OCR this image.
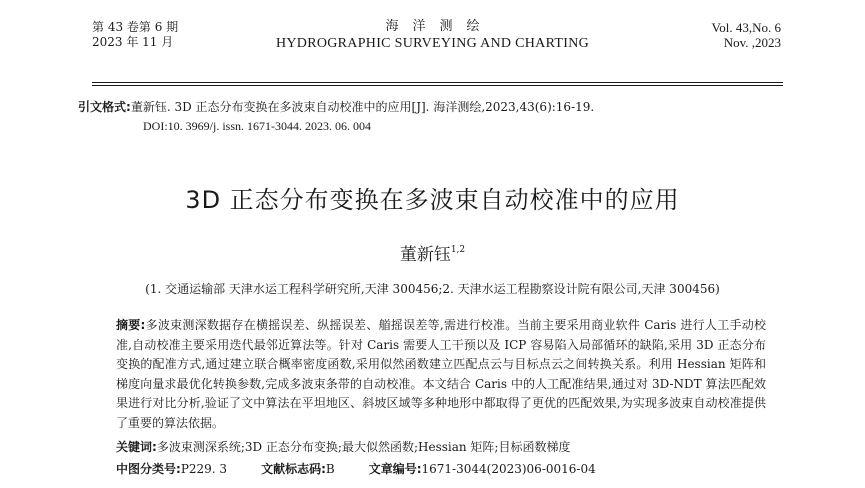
第 43 卷第 6 期
2023 年 11 月
海洋测绘
HYDROGRAPHIC SURVEYING AND CHARTING
Vol. 43,No. 6
Nov. ,2023
引文格式:董新钰. 3D 正态分布变换在多波束自动校准中的应用[J]. 海洋测绘,2023,43(6):16-19.
DOI:10. 3969/j. issn. 1671-3044. 2023. 06. 004
3D 正态分布变换在多波束自动校准中的应用
董新钰$^{1,2}$
(1. 交通运输部 天津水运工程科学研究所,天津 300456;2. 天津水运工程勘察设计院有限公司,天津 300456)
摘要:多波束测深数据存在横摇误差、纵摇误差、艏摇误差等,需进行校准。当前主要采用商业软件 Caris 进行人工手动校准,自动校准主要采用迭代最邻近算法等。针对 Caris 需要人工干预以及 ICP 容易陷入局部循环的缺陷,采用 3D 正态分布变换的配准方式,通过建立联合概率密度函数,采用似然函数建立匹配点云与目标点云之间转换关系。利用 Hessian 矩阵和梯度向量求最优化转换参数,完成多波束条带的自动校准。本文结合 Caris 中的人工配准结果,通过对 3D-NDT 算法匹配效果进行对比分析,验证了文中算法在平坦地区、斜坡区域等多种地形中都取得了更优的匹配效果,为实现多波束自动校准提供了重要的算法依据。
关键词:多波束测深系统;3D 正态分布变换;最大似然函数;Hessian 矩阵;目标函数梯度
中图分类号:P229. 3	文献标志码:B	文章编号:1671-3044(2023)06-0016-04
